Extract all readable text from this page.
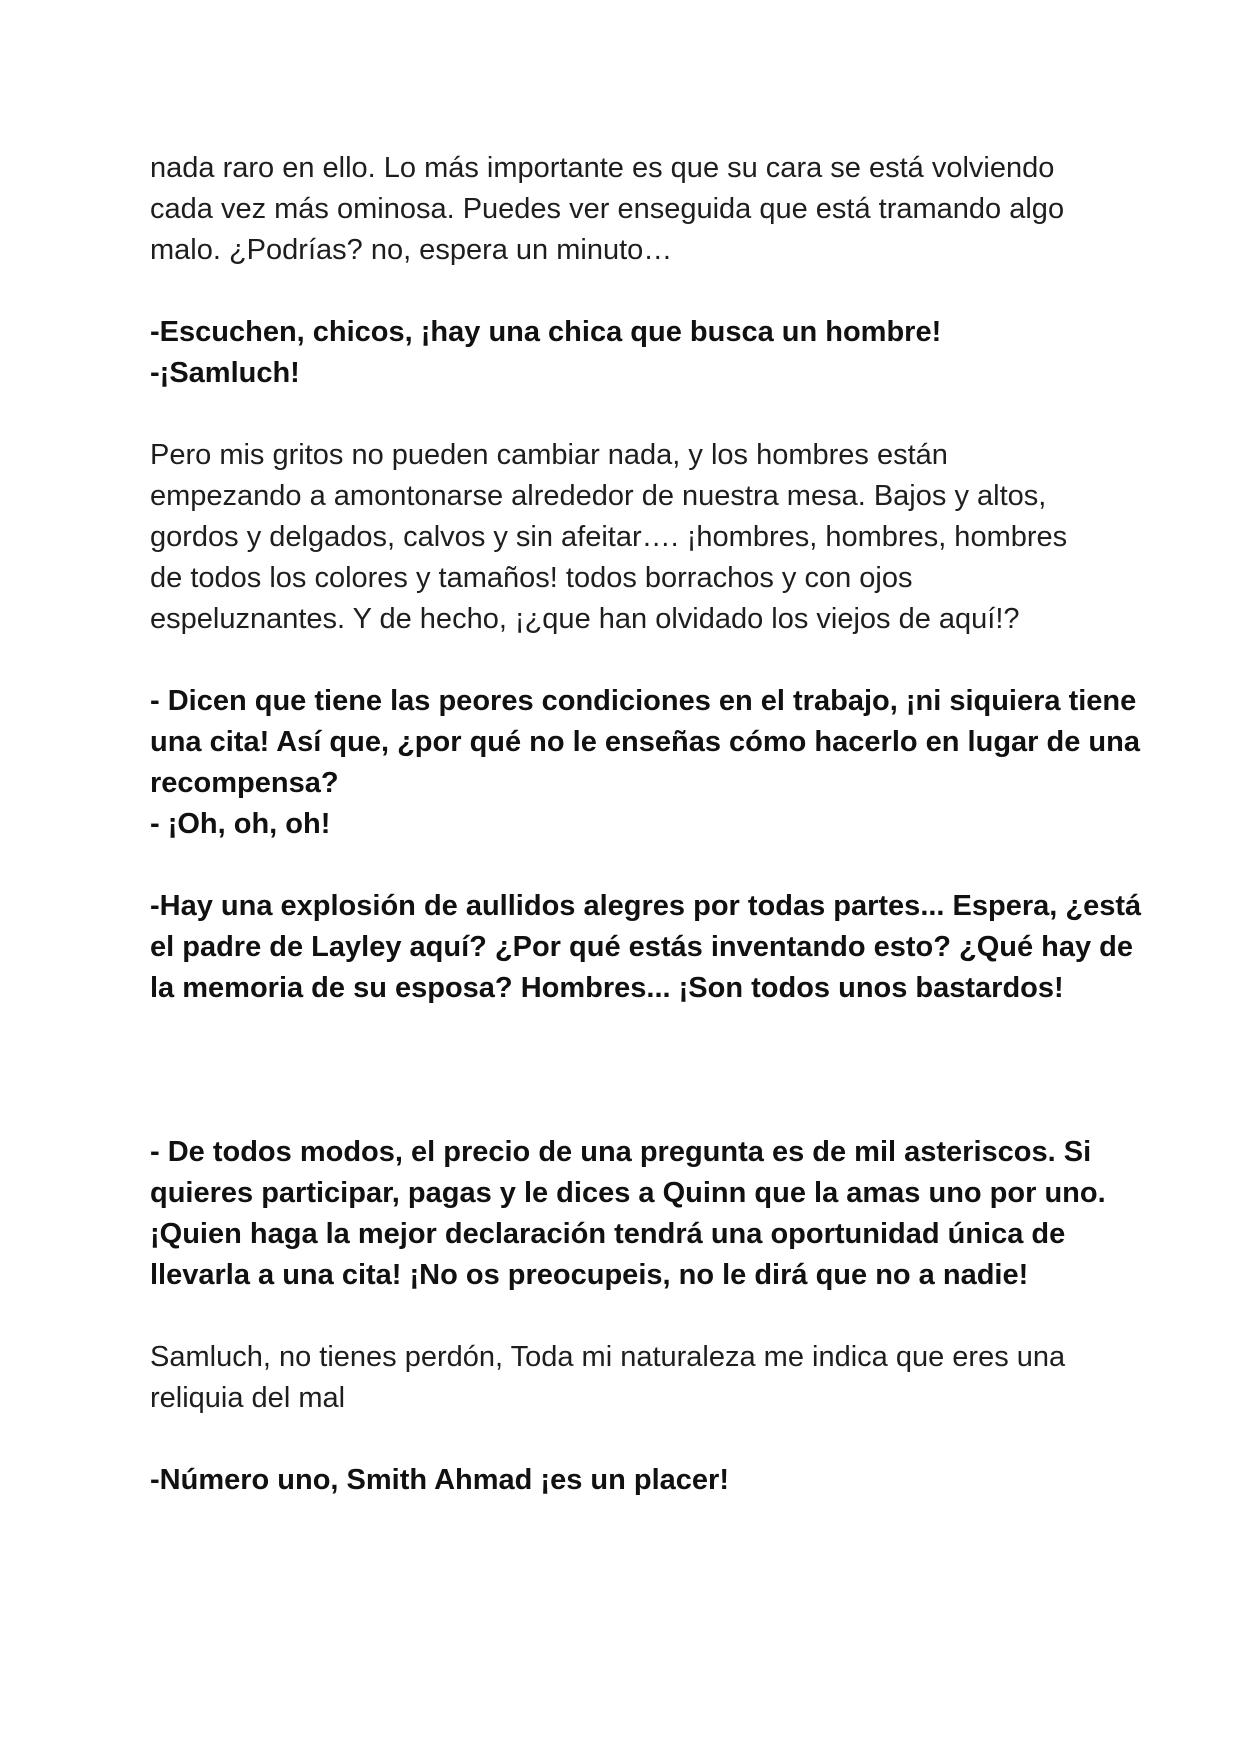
nada raro en ello. Lo más importante es que su cara se está volviendo
cada vez más ominosa. Puedes ver enseguida que está tramando algo
malo. ¿Podrías? no, espera un minuto…

-Escuchen, chicos, ¡hay una chica que busca un hombre!
-¡Samluch!

Pero mis gritos no pueden cambiar nada, y los hombres están
empezando a amontonarse alrededor de nuestra mesa. Bajos y altos,
gordos y delgados, calvos y sin afeitar…. ¡hombres, hombres, hombres
de todos los colores y tamaños! todos borrachos y con ojos
espeluznantes. Y de hecho, ¡¿que han olvidado los viejos de aquí!?

- Dicen que tiene las peores condiciones en el trabajo, ¡ni siquiera tiene
una cita! Así que, ¿por qué no le enseñas cómo hacerlo en lugar de una
recompensa?
- ¡Oh, oh, oh!

-Hay una explosión de aullidos alegres por todas partes... Espera, ¿está
el padre de Layley aquí? ¿Por qué estás inventando esto? ¿Qué hay de
la memoria de su esposa? Hombres... ¡Son todos unos bastardos!

- De todos modos, el precio de una pregunta es de mil asteriscos. Si
quieres participar, pagas y le dices a Quinn que la amas uno por uno.
¡Quien haga la mejor declaración tendrá una oportunidad única de
llevarla a una cita! ¡No os preocupeis, no le dirá que no a nadie!

Samluch, no tienes perdón, Toda mi naturaleza me indica que eres una
reliquia del mal

-Número uno, Smith Ahmad ¡es un placer!
